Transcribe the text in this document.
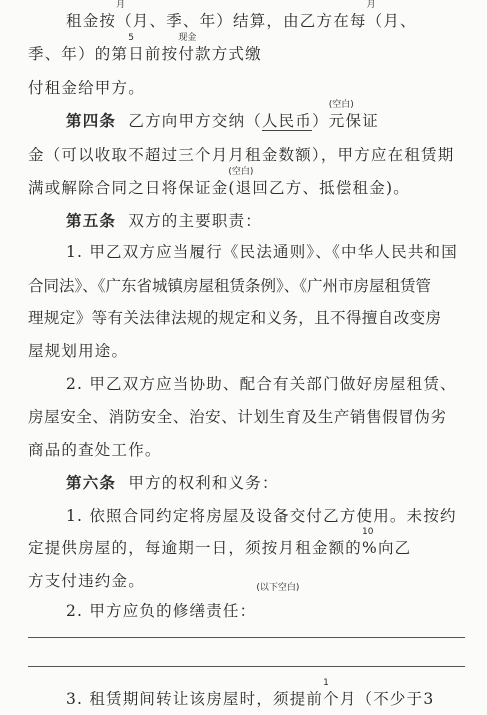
租金按
月
（月、季、年）结算，由乙方在每
月
（月、
季、年）的第
5
日前按
现金
付款方式缴
付租金给甲方。
第四条 乙方向甲方交纳（人民币）
(空白)
元保证
金（可以收取不超过三个月月租金数额），甲方应在租赁期
满或解除合同之日将保证金
(空白)
(退回乙方、抵偿租金)。
第五条 双方的主要职责：
1. 甲乙双方应当履行《民法通则》、《中华人民共和国
合同法》、《广东省城镇房屋租赁条例》、《广州市房屋租赁管
理规定》等有关法律法规的规定和义务，且不得擅自改变房
屋规划用途。
2. 甲乙双方应当协助、配合有关部门做好房屋租赁、
房屋安全、消防安全、治安、计划生育及生产销售假冒伪劣
商品的查处工作。
第六条 甲方的权利和义务：
1. 依照合同约定将房屋及设备交付乙方使用。未按约
定提供房屋的，每逾期一日，须按月租金额的
10
%向乙
方支付违约金。
2. 甲方应负的修缮责任：
(以下空白)
3. 租赁期间转让该房屋时，须提前
1
个月（不少于3
